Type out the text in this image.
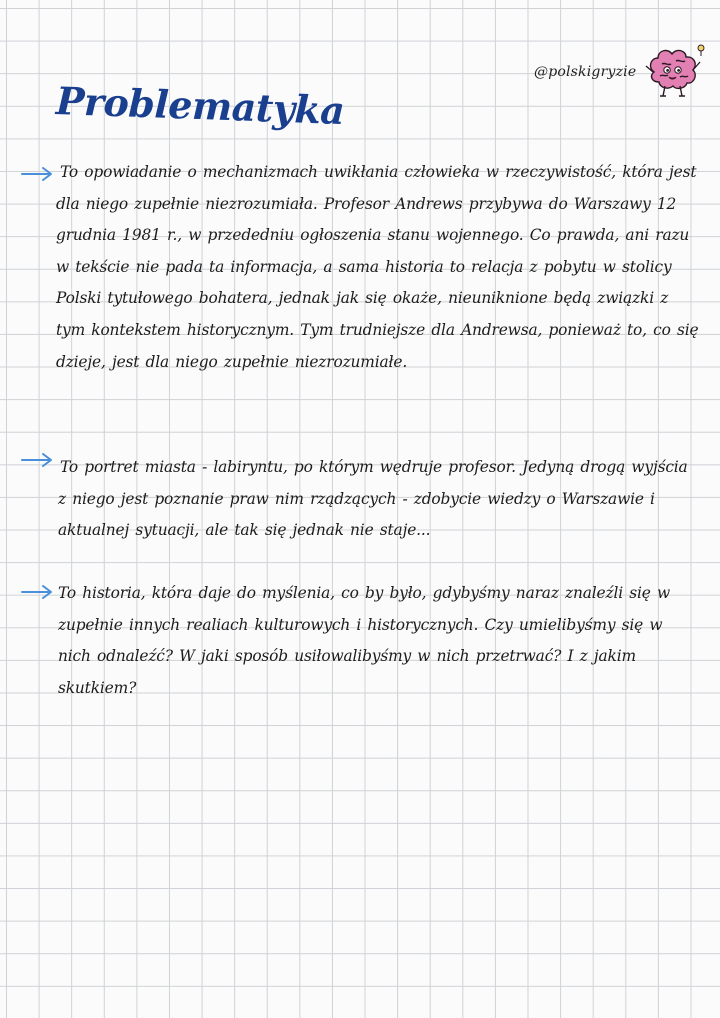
@polskigryzie
Problematyka

To opowiadanie o mechanizmach uwikłania człowieka w rzeczywistość, która jest dla niego zupełnie niezrozumiała. Profesor Andrews przybywa do Warszawy 12 grudnia 1981 r., w przededniu ogłoszenia stanu wojennego. Co prawda, ani razu w tekście nie pada ta informacja, a sama historia to relacja z pobytu w stolicy Polski tytułowego bohatera, jednak jak się okaże, nieuniknione będą związki z tym kontekstem historycznym. Tym trudniejsze dla Andrewsa, ponieważ to, co się dzieje, jest dla niego zupełnie niezrozumiałe.

To portret miasta - labiryntu, po którym wędruje profesor. Jedyną drogą wyjścia z niego jest poznanie praw nim rządzących - zdobycie wiedzy o Warszawie i aktualnej sytuacji, ale tak się jednak nie staje...

To historia, która daje do myślenia, co by było, gdybyśmy naraz znaleźli się w zupełnie innych realiach kulturowych i historycznych. Czy umielibyśmy się w nich odnaleźć? W jaki sposób usiłowalibyśmy w nich przetrwać? I z jakim skutkiem?
